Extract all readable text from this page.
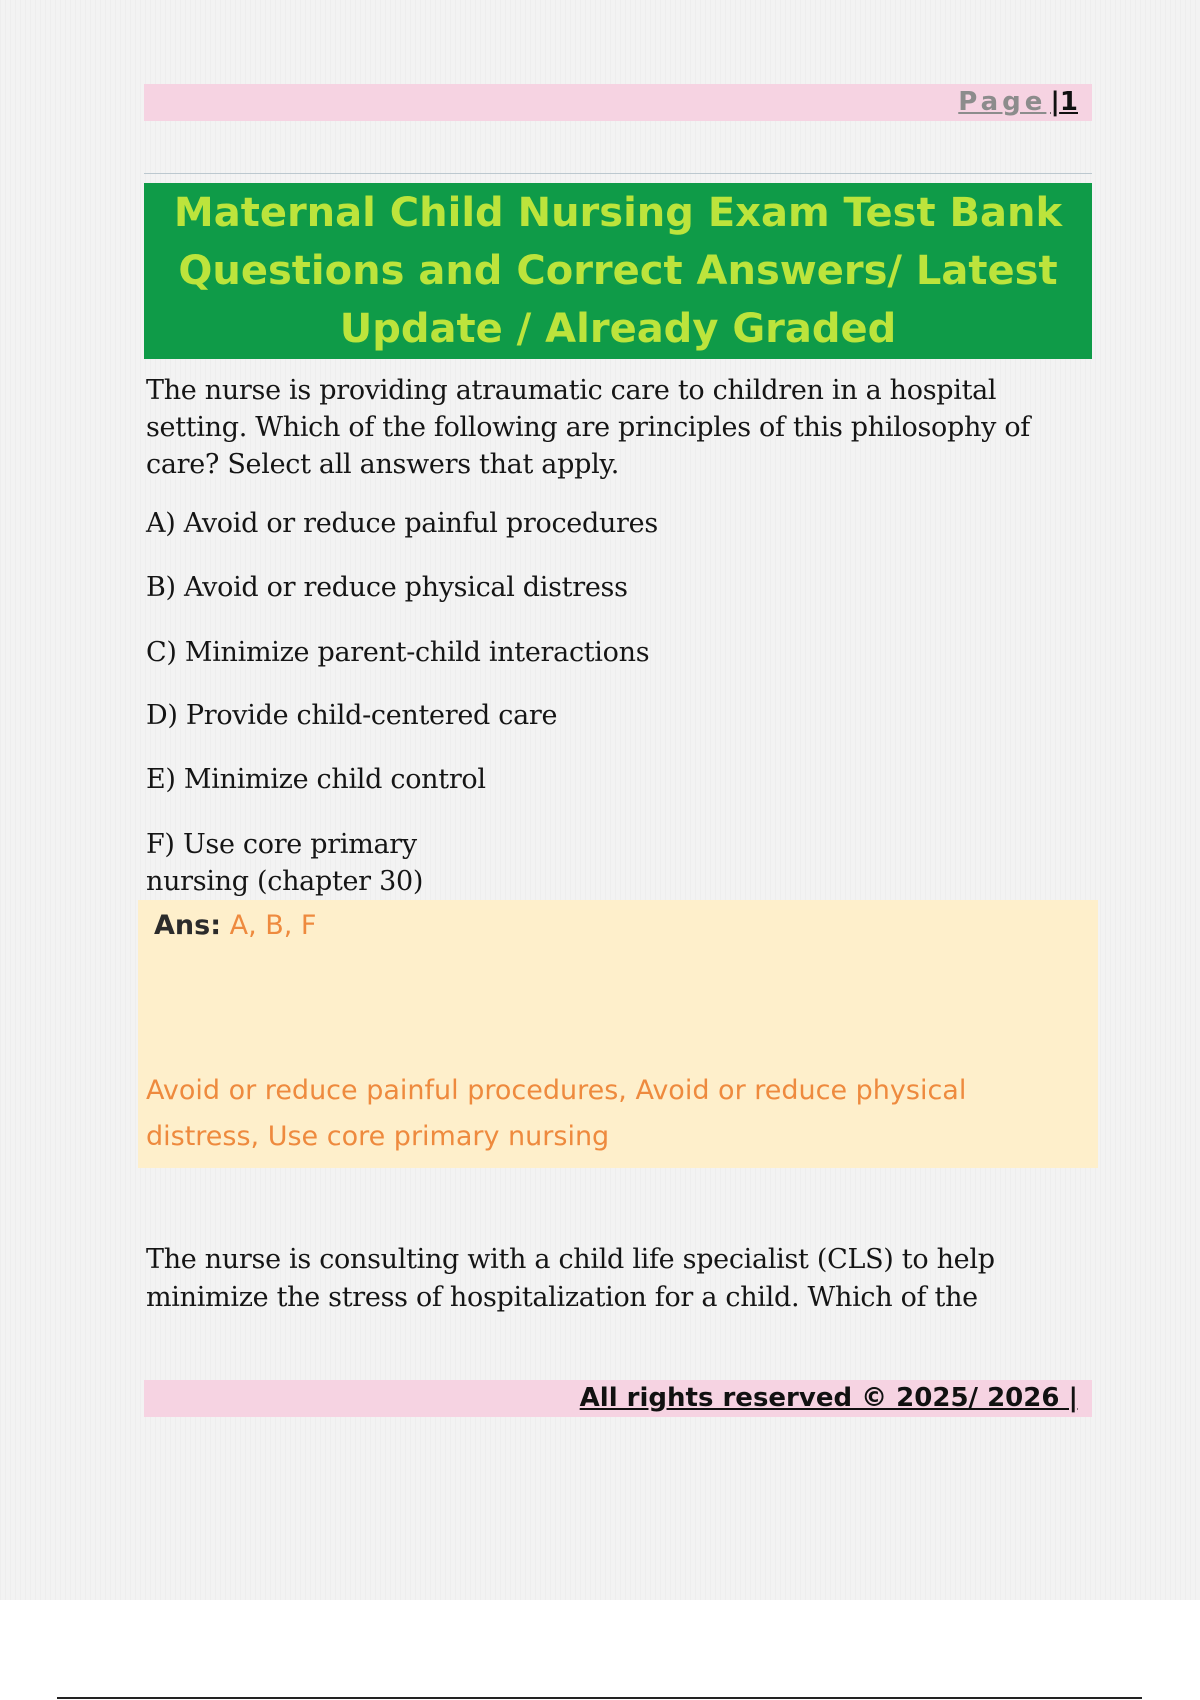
Page |1
Maternal Child Nursing Exam Test Bank Questions and Correct Answers/ Latest Update / Already Graded
The nurse is providing atraumatic care to children in a hospital setting. Which of the following are principles of this philosophy of care? Select all answers that apply.
A) Avoid or reduce painful procedures
B) Avoid or reduce physical distress
C) Minimize parent-child interactions
D) Provide child-centered care
E) Minimize child control
F) Use core primary
nursing (chapter 30)
Ans: A, B, F
Avoid or reduce painful procedures, Avoid or reduce physical distress, Use core primary nursing
The nurse is consulting with a child life specialist (CLS) to help minimize the stress of hospitalization for a child. Which of the
All rights reserved © 2025/ 2026 |
